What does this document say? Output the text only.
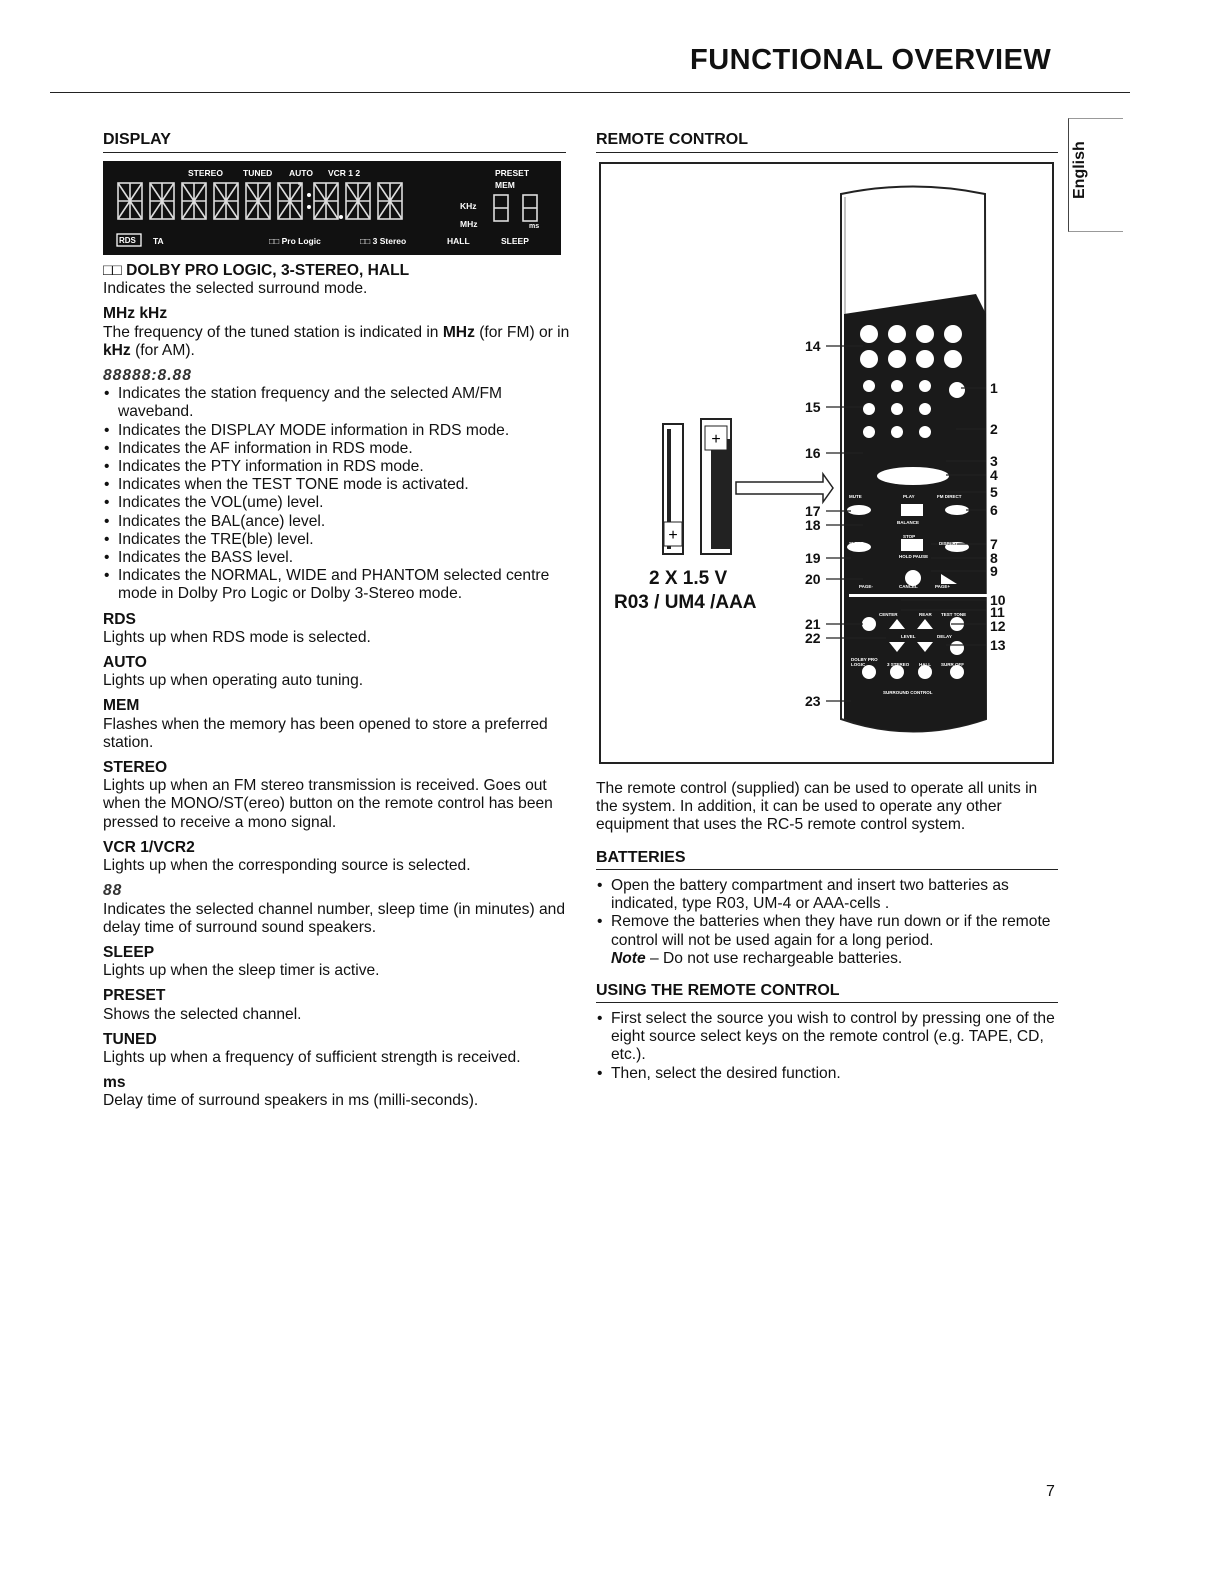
FUNCTIONAL OVERVIEW
English
DISPLAY
STEREO TUNED AUTO VCR 1 2	PRESET
MEM
KHz
MHz	ms
RDS TA	□□ Pro Logic	□□ 3 Stereo	HALL	SLEEP
□□ DOLBY PRO LOGIC, 3-STEREO, HALL

Indicates the selected surround mode.

MHz kHz

The frequency of the tuned station is indicated in MHz (for FM) or in kHz (for AM).

88888:8.88
• Indicates the station frequency and the selected AM/FM waveband.
• Indicates the DISPLAY MODE information in RDS mode.
• Indicates the AF information in RDS mode.
• Indicates the PTY information in RDS mode.
• Indicates when the TEST TONE mode is activated.
• Indicates the VOL(ume) level.
• Indicates the BAL(ance) level.
• Indicates the TRE(ble) level.
• Indicates the BASS level.
• Indicates the NORMAL, WIDE and PHANTOM selected centre mode in Dolby Pro Logic or Dolby 3-Stereo mode.
RDS

Lights up when RDS mode is selected.

AUTO

Lights up when operating auto tuning.

MEM

Flashes when the memory has been opened to store a preferred station.

STEREO

Lights up when an FM stereo transmission is received. Goes out when the MONO/ST(ereo) button on the remote control has been pressed to receive a mono signal.

VCR 1/VCR2

Lights up when the corresponding source is selected.

88

Indicates the selected channel number, sleep time (in minutes) and delay time of surround sound speakers.

SLEEP

Lights up when the sleep timer is active.

PRESET

Shows the selected channel.

TUNED

Lights up when a frequency of sufficient strength is received.

ms

Delay time of surround speakers in ms (milli-seconds).

REMOTE CONTROL
+
+
2 X 1.5 V
R03 / UM4 /AAA
14
15
16
17
18
19
20
21
22
23
1
2
3
4
5
6
7
8
9
10
11
12
13
MUTE	PLAY	FM DIRECT
BALANCE
STOP
SLEEP	DISPLAY
HOLD PAUSE
PAGE-	CANCEL	PAGE+
CENTER	REAR TEST TONE
LEVEL	DELAY
DOLBY PRO LOGIC	3 STEREO HALL SURR OFF
SURROUND CONTROL

The remote control (supplied) can be used to operate all units in the system. In addition, it can be used to operate any other equipment that uses the RC-5 remote control system.

BATTERIES
• Open the battery compartment and insert two batteries as indicated, type R03, UM-4 or AAA-cells .
• Remove the batteries when they have run down or if the remote control will not be used again for a long period.

Note – Do not use rechargeable batteries.

USING THE REMOTE CONTROL
• First select the source you wish to control by pressing one of the eight source select keys on the remote control (e.g. TAPE, CD, etc.).
• Then, select the desired function.
7
